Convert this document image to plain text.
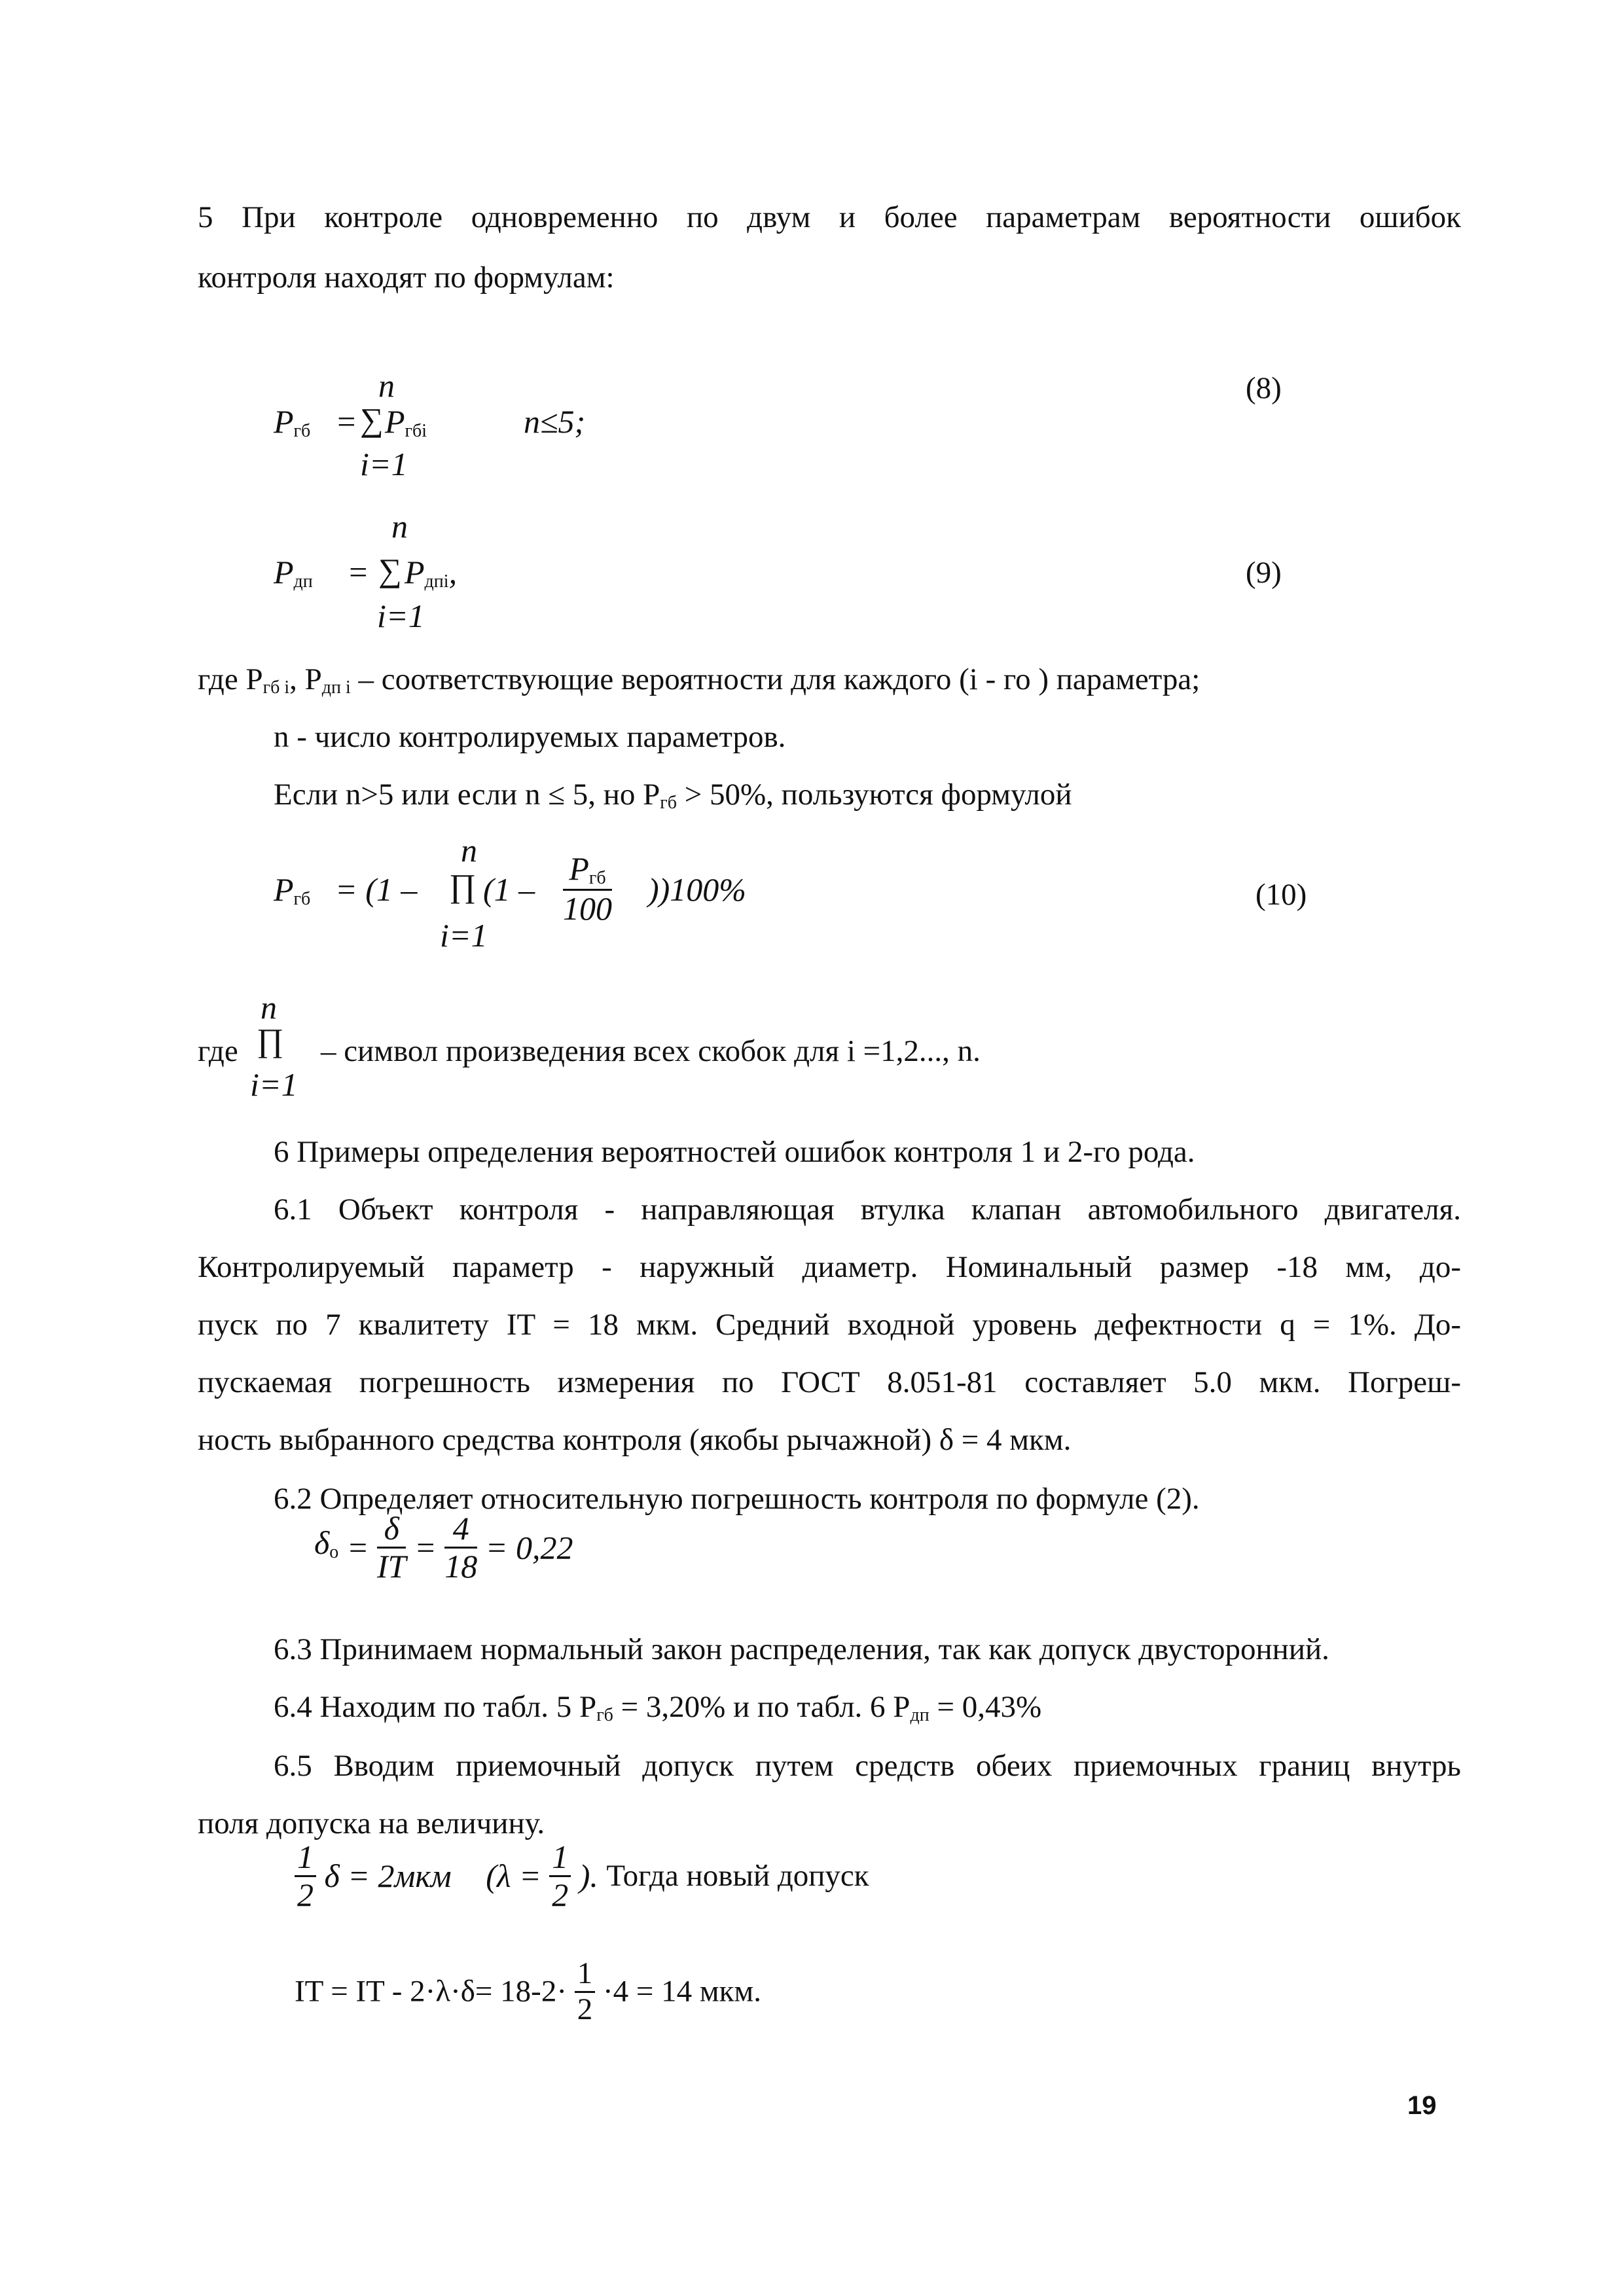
5 При контроле одновременно по двум и более параметрам вероятности ошибок
контроля находят по формулам:
n
$P_{гб}$ = ∑ $P_{гбi}$
i=1
n≤5;
(8)
n
$P_{дп}$ = ∑ $P_{дпi}$,
i=1
(9)
где $P_{гб i}$, $P_{дп i}$ – соответствующие вероятности для каждого (i - го ) параметра;
n - число контролируемых параметров.
Если n>5 или если n ≤ 5, но $P_{гб} > 50\%$, пользуются формулой
n
$P_{гб} = (1$ – ∏ $(1 - \frac{P_{гб}}{100} ))100\%$
i=1
(10)
n
где ∏
i=1
– символ произведения всех скобок для i =1,2..., n.
6 Примеры определения вероятностей ошибок контроля 1 и 2-го рода.
6.1 Объект контроля - направляющая втулка клапан автомобильного двигателя.
Контролируемый параметр - наружный диаметр. Номинальный размер -18 мм, до-
пуск по 7 квалитету IT = 18 мкм. Средний входной уровень дефектности q = 1%. До-
пускаемая погрешность измерения по ГОСТ 8.051-81 составляет 5.0 мкм. Погреш-
ность выбранного средства контроля (якобы рычажной) δ = 4 мкм.
6.2 Определяет относительную погрешность контроля по формуле (2).
$\delta_o = \frac{\delta}{IT} = \frac{4}{18} = 0,22$
6.3 Принимаем нормальный закон распределения, так как допуск двусторонний.
6.4 Находим по табл. 5 $P_{гб} = 3,20\%$ и по табл. 6 $P_{дп} = 0,43\%$
6.5 Вводим приемочный допуск путем средств обеих приемочных границ внутрь
поля допуска на величину.
$\frac{1}{2}$ δ = 2мкм ($\lambda = \frac{1}{2}$ ). Тогда новый допуск
IT = IT - $2\cdot\lambda\cdot\delta= 18-2\cdot \frac{1}{2} \cdot 4 = 14$ мкм.
19
